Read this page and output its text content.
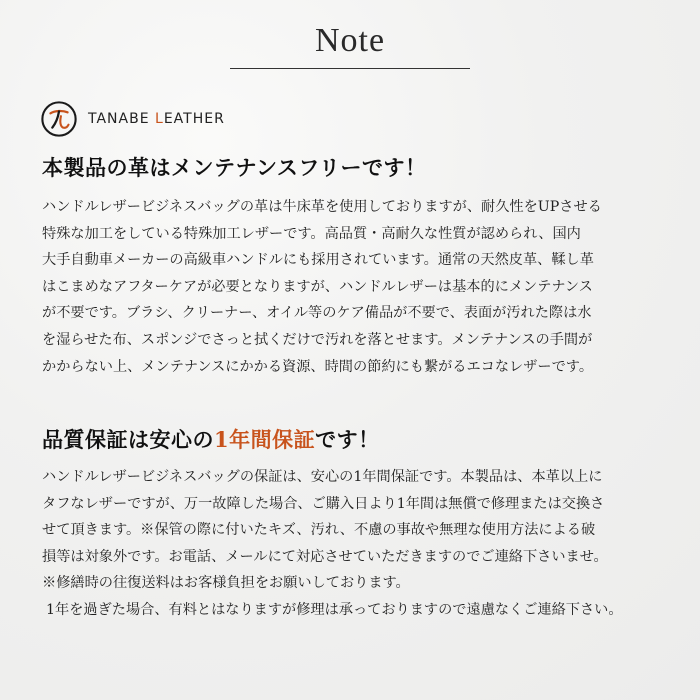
Note
TANABE LEATHER
本製品の革はメンテナンスフリーです！
ハンドルレザービジネスバッグの革は牛床革を使用しておりますが、耐久性をUPさせる
特殊な加工をしている特殊加工レザーです。高品質・高耐久な性質が認められ、国内
大手自動車メーカーの高級車ハンドルにも採用されています。通常の天然皮革、鞣し革
はこまめなアフターケアが必要となりますが、ハンドルレザーは基本的にメンテナンス
が不要です。ブラシ、クリーナー、オイル等のケア備品が不要で、表面が汚れた際は水
を湿らせた布、スポンジでさっと拭くだけで汚れを落とせます。メンテナンスの手間が
かからない上、メンテナンスにかかる資源、時間の節約にも繋がるエコなレザーです。
品質保証は安心の1年間保証です！
ハンドルレザービジネスバッグの保証は、安心の1年間保証です。本製品は、本革以上に
タフなレザーですが、万一故障した場合、ご購入日より1年間は無償で修理または交換さ
せて頂きます。※保管の際に付いたキズ、汚れ、不慮の事故や無理な使用方法による破
損等は対象外です。お電話、メールにて対応させていただきますのでご連絡下さいませ。
※修繕時の往復送料はお客様負担をお願いしております。
1年を過ぎた場合、有料とはなりますが修理は承っておりますので遠慮なくご連絡下さい。
